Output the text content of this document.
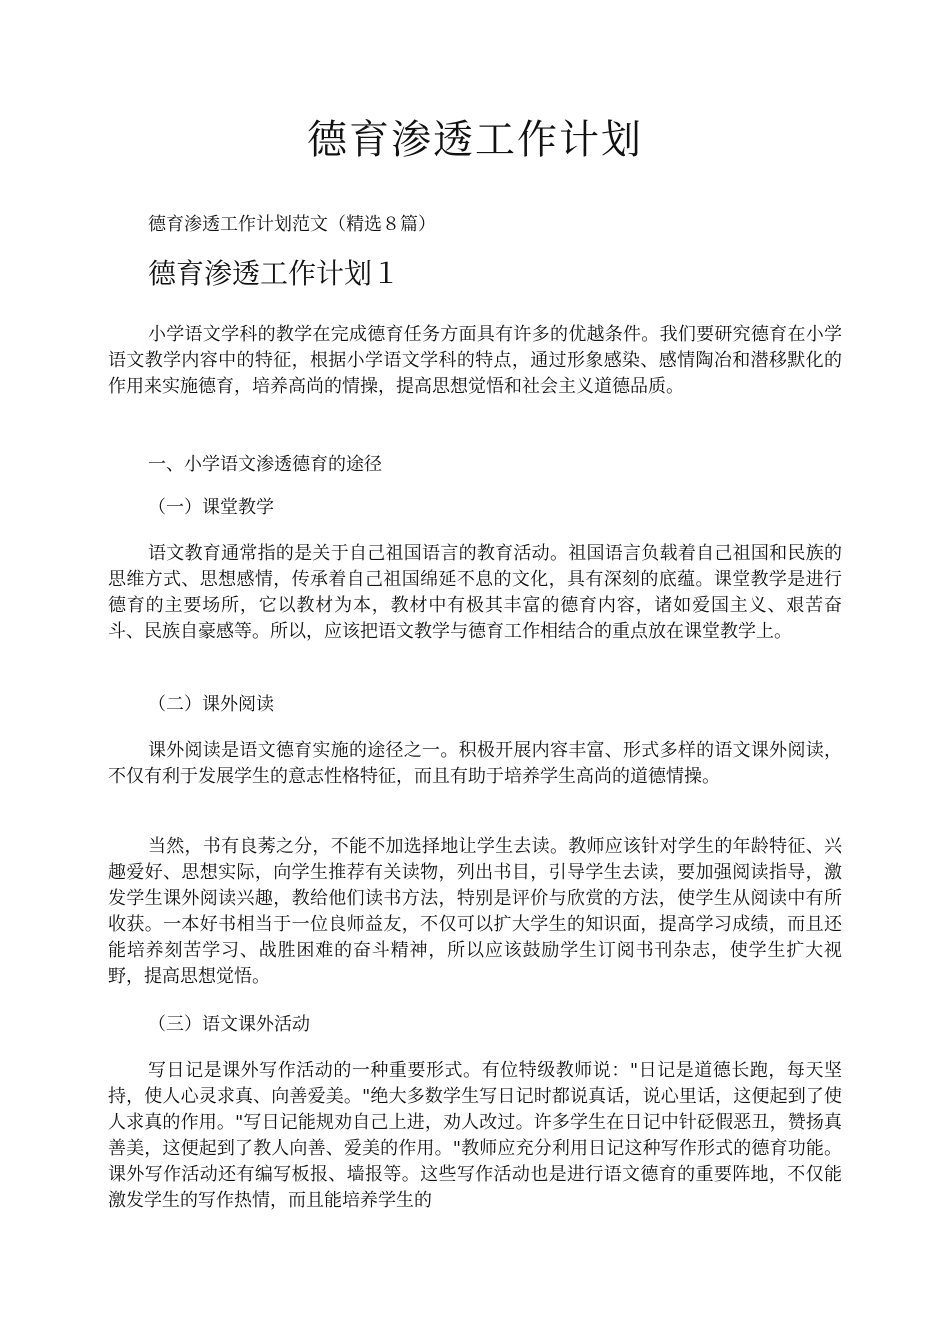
德育渗透工作计划

德育渗透工作计划范文（精选８篇）

德育渗透工作计划１

小学语文学科的教学在完成德育任务方面具有许多的优越条件。我们要研究德育在小学语文教学内容中的特征，根据小学语文学科的特点，通过形象感染、感情陶冶和潜移默化的作用来实施德育，培养高尚的情操，提高思想觉悟和社会主义道德品质。

一、小学语文渗透德育的途径

（一）课堂教学

语文教育通常指的是关于自己祖国语言的教育活动。祖国语言负载着自己祖国和民族的思维方式、思想感情，传承着自己祖国绵延不息的文化，具有深刻的底蕴。课堂教学是进行德育的主要场所，它以教材为本，教材中有极其丰富的德育内容，诸如爱国主义、艰苦奋斗、民族自豪感等。所以，应该把语文教学与德育工作相结合的重点放在课堂教学上。

（二）课外阅读

课外阅读是语文德育实施的途径之一。积极开展内容丰富、形式多样的语文课外阅读，不仅有利于发展学生的意志性格特征，而且有助于培养学生高尚的道德情操。

当然，书有良莠之分，不能不加选择地让学生去读。教师应该针对学生的年龄特征、兴趣爱好、思想实际，向学生推荐有关读物，列出书目，引导学生去读，要加强阅读指导，激发学生课外阅读兴趣，教给他们读书方法，特别是评价与欣赏的方法，使学生从阅读中有所收获。一本好书相当于一位良师益友，不仅可以扩大学生的知识面，提高学习成绩，而且还能培养刻苦学习、战胜困难的奋斗精神，所以应该鼓励学生订阅书刊杂志，使学生扩大视野，提高思想觉悟。

（三）语文课外活动

写日记是课外写作活动的一种重要形式。有位特级教师说："日记是道德长跑，每天坚持，使人心灵求真、向善爱美。"绝大多数学生写日记时都说真话，说心里话，这便起到了使人求真的作用。"写日记能规劝自己上进，劝人改过。许多学生在日记中针砭假恶丑，赞扬真善美，这便起到了教人向善、爱美的作用。"教师应充分利用日记这种写作形式的德育功能。课外写作活动还有编写板报、墙报等。这些写作活动也是进行语文德育的重要阵地，不仅能激发学生的写作热情，而且能培养学生的
